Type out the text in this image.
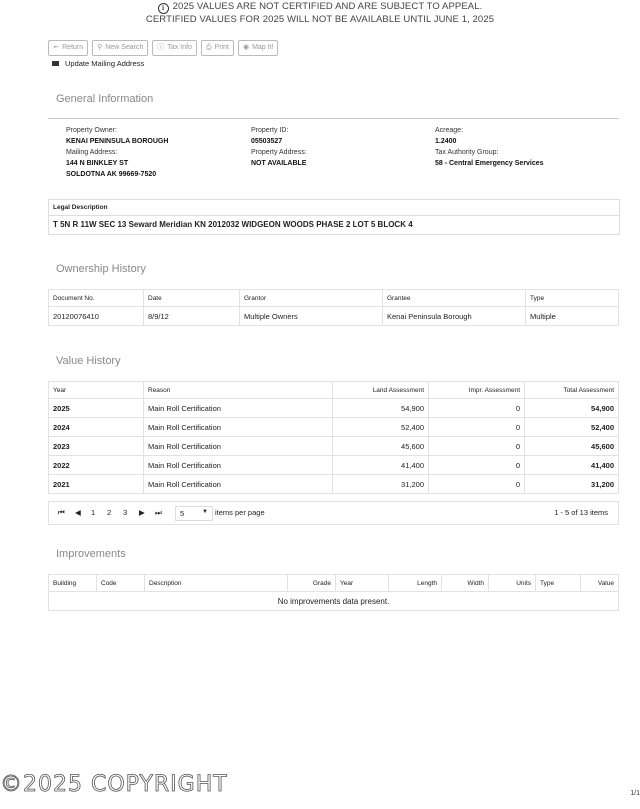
i 2025 VALUES ARE NOT CERTIFIED AND ARE SUBJECT TO APPEAL.
CERTIFIED VALUES FOR 2025 WILL NOT BE AVAILABLE UNTIL JUNE 1, 2025
🠔 Return ⚲ New Search ⓘ Tax Info ⎙ Print ◉ Map It!
Update Mailing Address
General Information
Property Owner:
KENAI PENINSULA BOROUGH
Mailing Address:
144 N BINKLEY ST
SOLDOTNA AK 99669-7520
Property ID:
05503527
Property Address:
NOT AVAILABLE
Acreage:
1.2400
Tax Authority Group:
58 - Central Emergency Services
Legal Description
T 5N R 11W SEC 13 Seward Meridian KN 2012032 WIDGEON WOODS PHASE 2 LOT 5 BLOCK 4
Ownership History
Document No.	Date	Grantor	Grantee	Type
20120076410	8/9/12	Multiple Owners	Kenai Peninsula Borough	Multiple
Value History
Year	Reason	Land Assessment	Impr. Assessment	Total Assessment
2025	Main Roll Certification	54,900	0	54,900
2024	Main Roll Certification	52,400	0	52,400
2023	Main Roll Certification	45,600	0	45,600
2022	Main Roll Certification	41,400	0	41,400
2021	Main Roll Certification	31,200	0	31,200
⏮ ◀ 1 2 3 ▶ ⏭ 5	▼ items per page	1 - 5 of 13 items
Improvements
Building	Code	Description	Grade	Year	Length	Width	Units	Type	Value
No improvements data present.
©2025 COPYRIGHT	1/1
